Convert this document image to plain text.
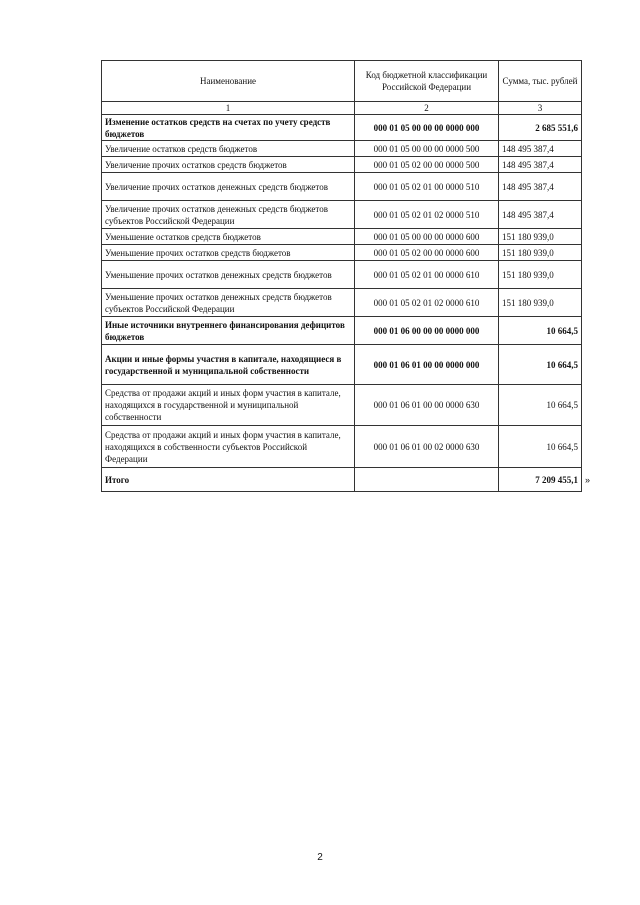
Наименование	Код бюджетной классификации Российской Федерации	Сумма, тыс. рублей
1	2	3
Изменение остатков средств на счетах по учету средств бюджетов	000 01 05 00 00 00 0000 000	2 685 551,6
Увеличение остатков средств бюджетов	000 01 05 00 00 00 0000 500	148 495 387,4
Увеличение прочих остатков средств бюджетов	000 01 05 02 00 00 0000 500	148 495 387,4
Увеличение прочих остатков денежных средств бюджетов	000 01 05 02 01 00 0000 510	148 495 387,4
Увеличение прочих остатков денежных средств бюджетов субъектов Российской Федерации	000 01 05 02 01 02 0000 510	148 495 387,4
Уменьшение остатков средств бюджетов	000 01 05 00 00 00 0000 600	151 180 939,0
Уменьшение прочих остатков средств бюджетов	000 01 05 02 00 00 0000 600	151 180 939,0
Уменьшение прочих остатков денежных средств бюджетов	000 01 05 02 01 00 0000 610	151 180 939,0
Уменьшение прочих остатков денежных средств бюджетов субъектов Российской Федерации	000 01 05 02 01 02 0000 610	151 180 939,0
Иные источники внутреннего финансирования дефицитов бюджетов	000 01 06 00 00 00 0000 000	10 664,5
Акции и иные формы участия в капитале, находящиеся в государственной и муниципальной собственности	000 01 06 01 00 00 0000 000	10 664,5
Средства от продажи акций и иных форм участия в капитале, находящихся в государственной и муниципальной собственности	000 01 06 01 00 00 0000 630	10 664,5
Средства от продажи акций и иных форм участия в капитале, находящихся в собственности субъектов Российской Федерации	000 01 06 01 00 02 0000 630	10 664,5
Итого		7 209 455,1 »
2
